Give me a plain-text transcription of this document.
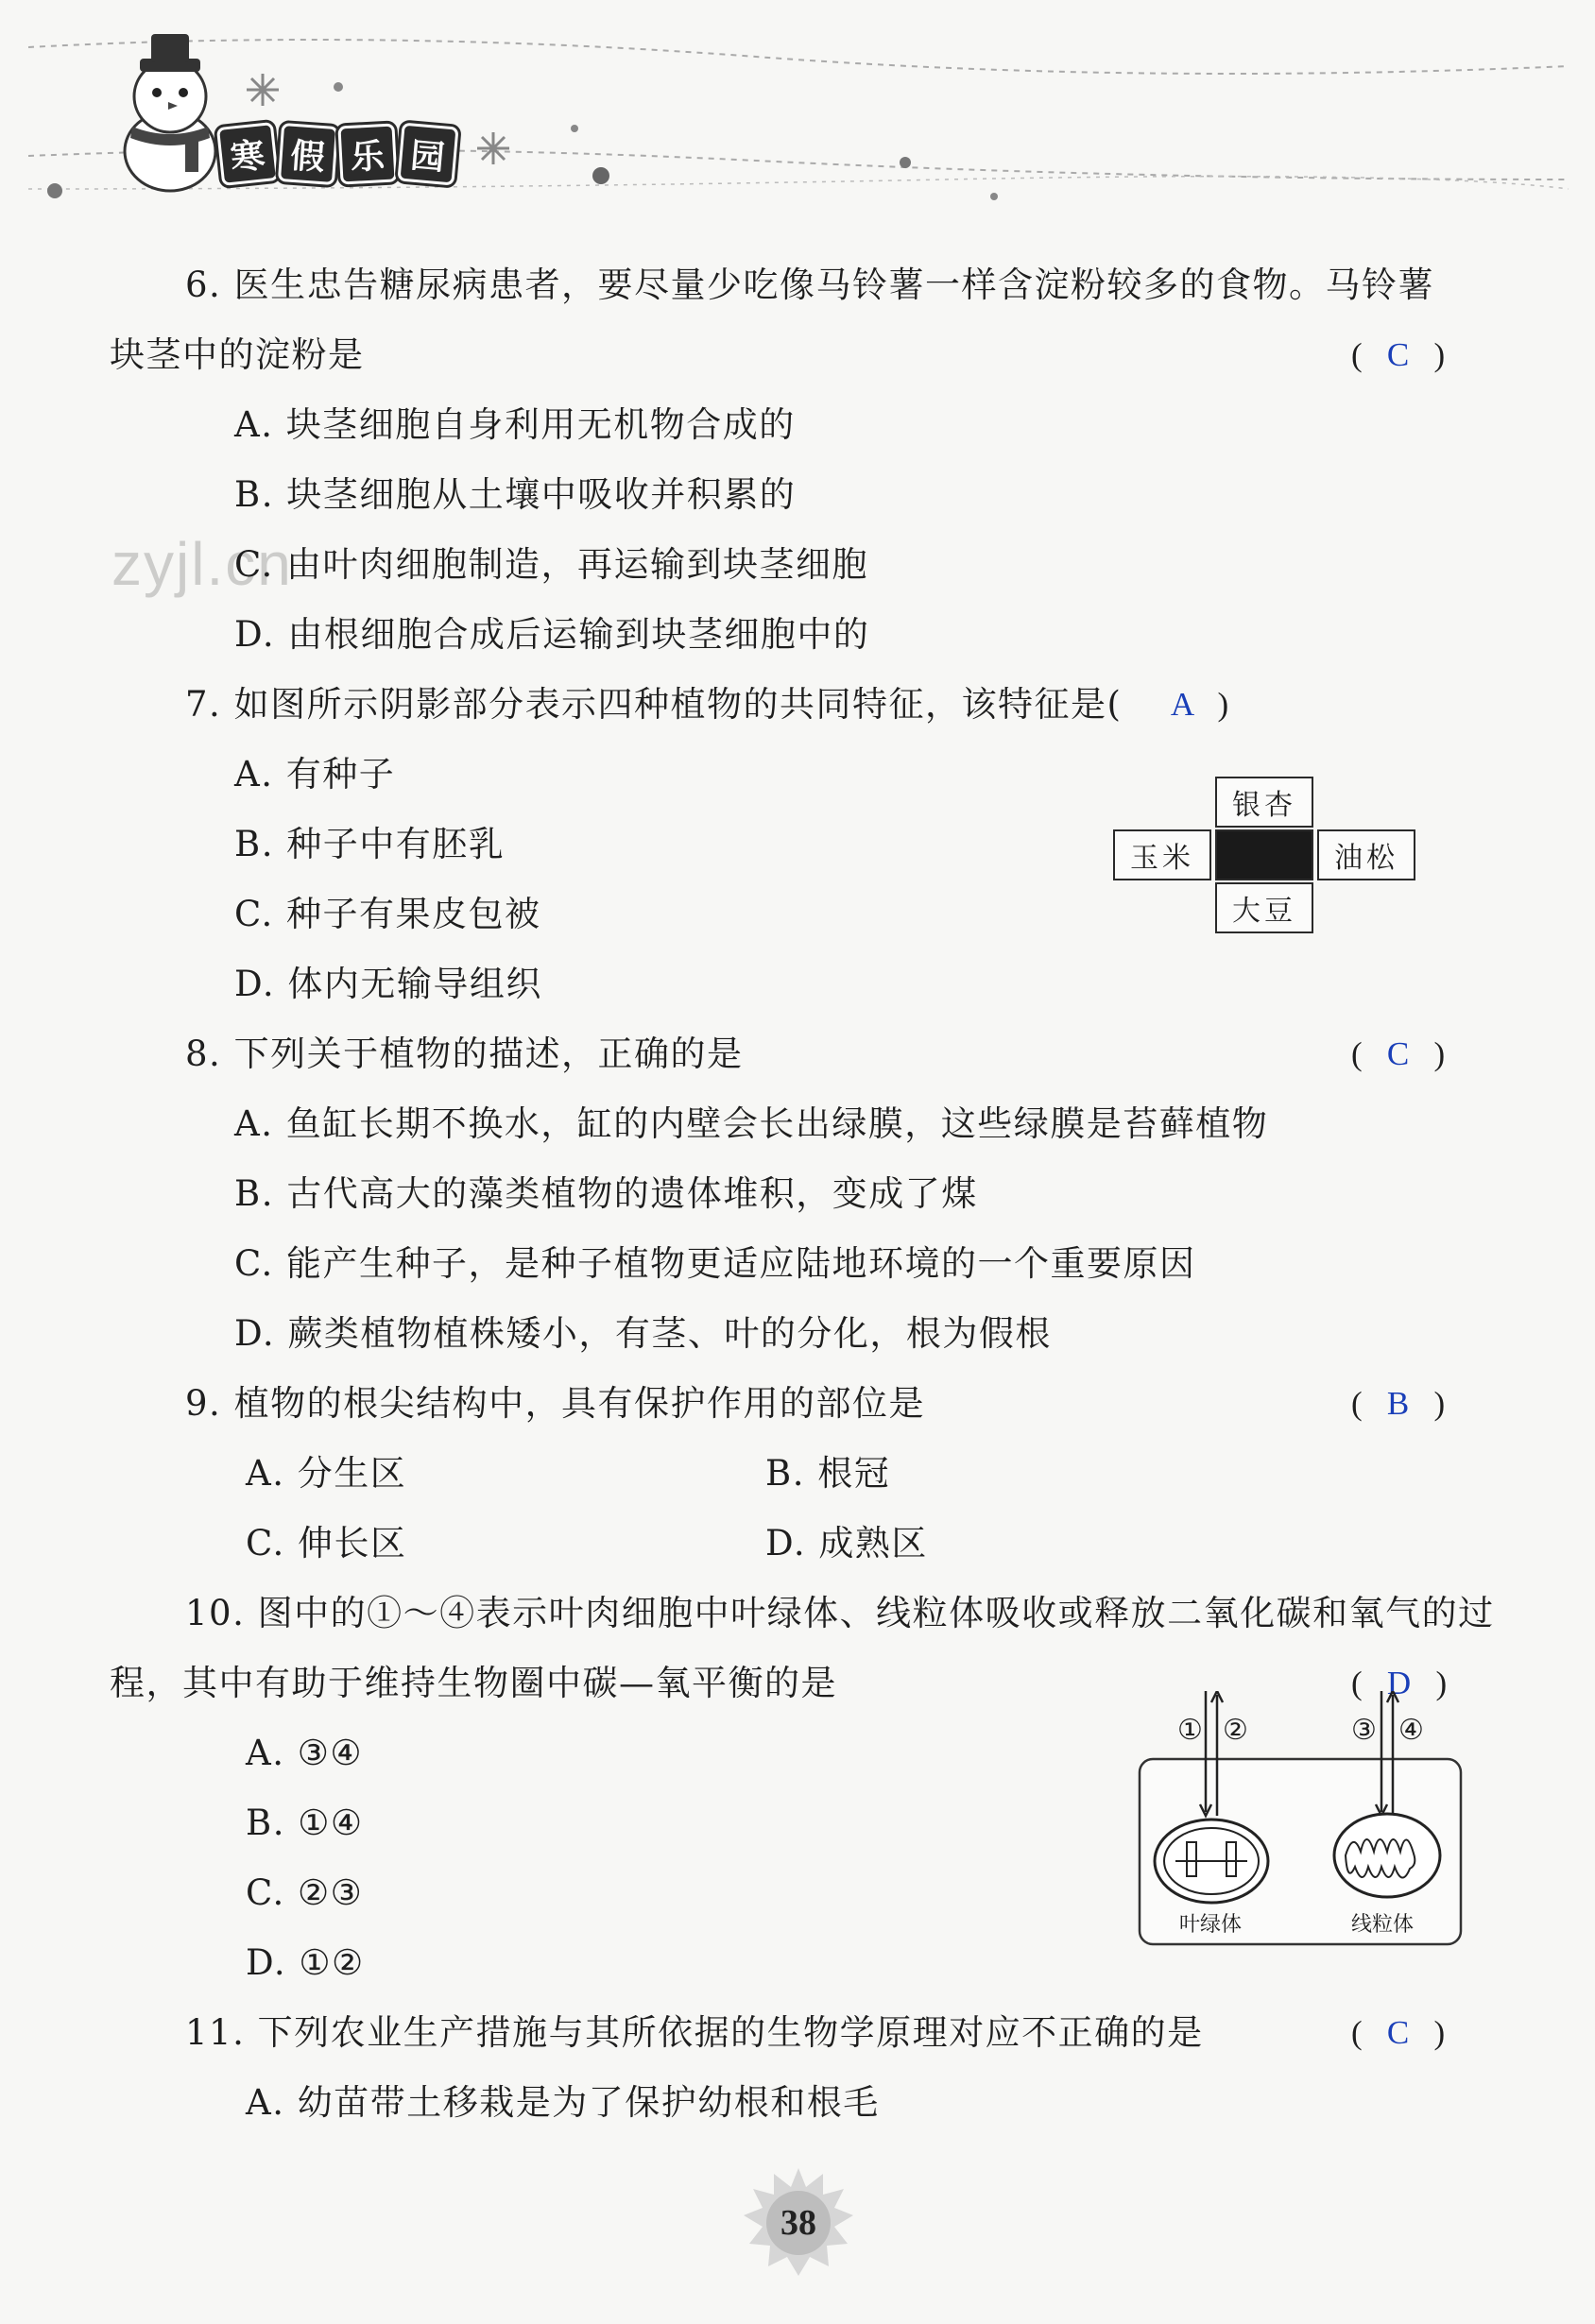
寒 假 乐 园
zyjl.cn
6. 医生忠告糖尿病患者，要尽量少吃像马铃薯一样含淀粉较多的食物。马铃薯
块茎中的淀粉是	(   C   )
A. 块茎细胞自身利用无机物合成的
B. 块茎细胞从土壤中吸收并积累的
C. 由叶肉细胞制造，再运输到块茎细胞
D. 由根细胞合成后运输到块茎细胞中的
7. 如图所示阴影部分表示四种植物的共同特征，该特征是( A   )
A. 有种子
B. 种子中有胚乳
C. 种子有果皮包被
D. 体内无输导组织
银杏
玉米	油松
大豆
8. 下列关于植物的描述，正确的是	(   C   )
A. 鱼缸长期不换水，缸的内壁会长出绿膜，这些绿膜是苔藓植物
B. 古代高大的藻类植物的遗体堆积，变成了煤
C. 能产生种子，是种子植物更适应陆地环境的一个重要原因
D. 蕨类植物植株矮小，有茎、叶的分化，根为假根
9. 植物的根尖结构中，具有保护作用的部位是	(   B   )
A. 分生区	B. 根冠
C. 伸长区	D. 成熟区
10. 图中的①～④表示叶肉细胞中叶绿体、线粒体吸收或释放二氧化碳和氧气的过
程，其中有助于维持生物圈中碳—氧平衡的是	(   D   )
A. ③④
B. ①④
C. ②③
D. ①②
① ②	③ ④
叶绿体	线粒体
11. 下列农业生产措施与其所依据的生物学原理对应不正确的是	(   C   )
A. 幼苗带土移栽是为了保护幼根和根毛
38
